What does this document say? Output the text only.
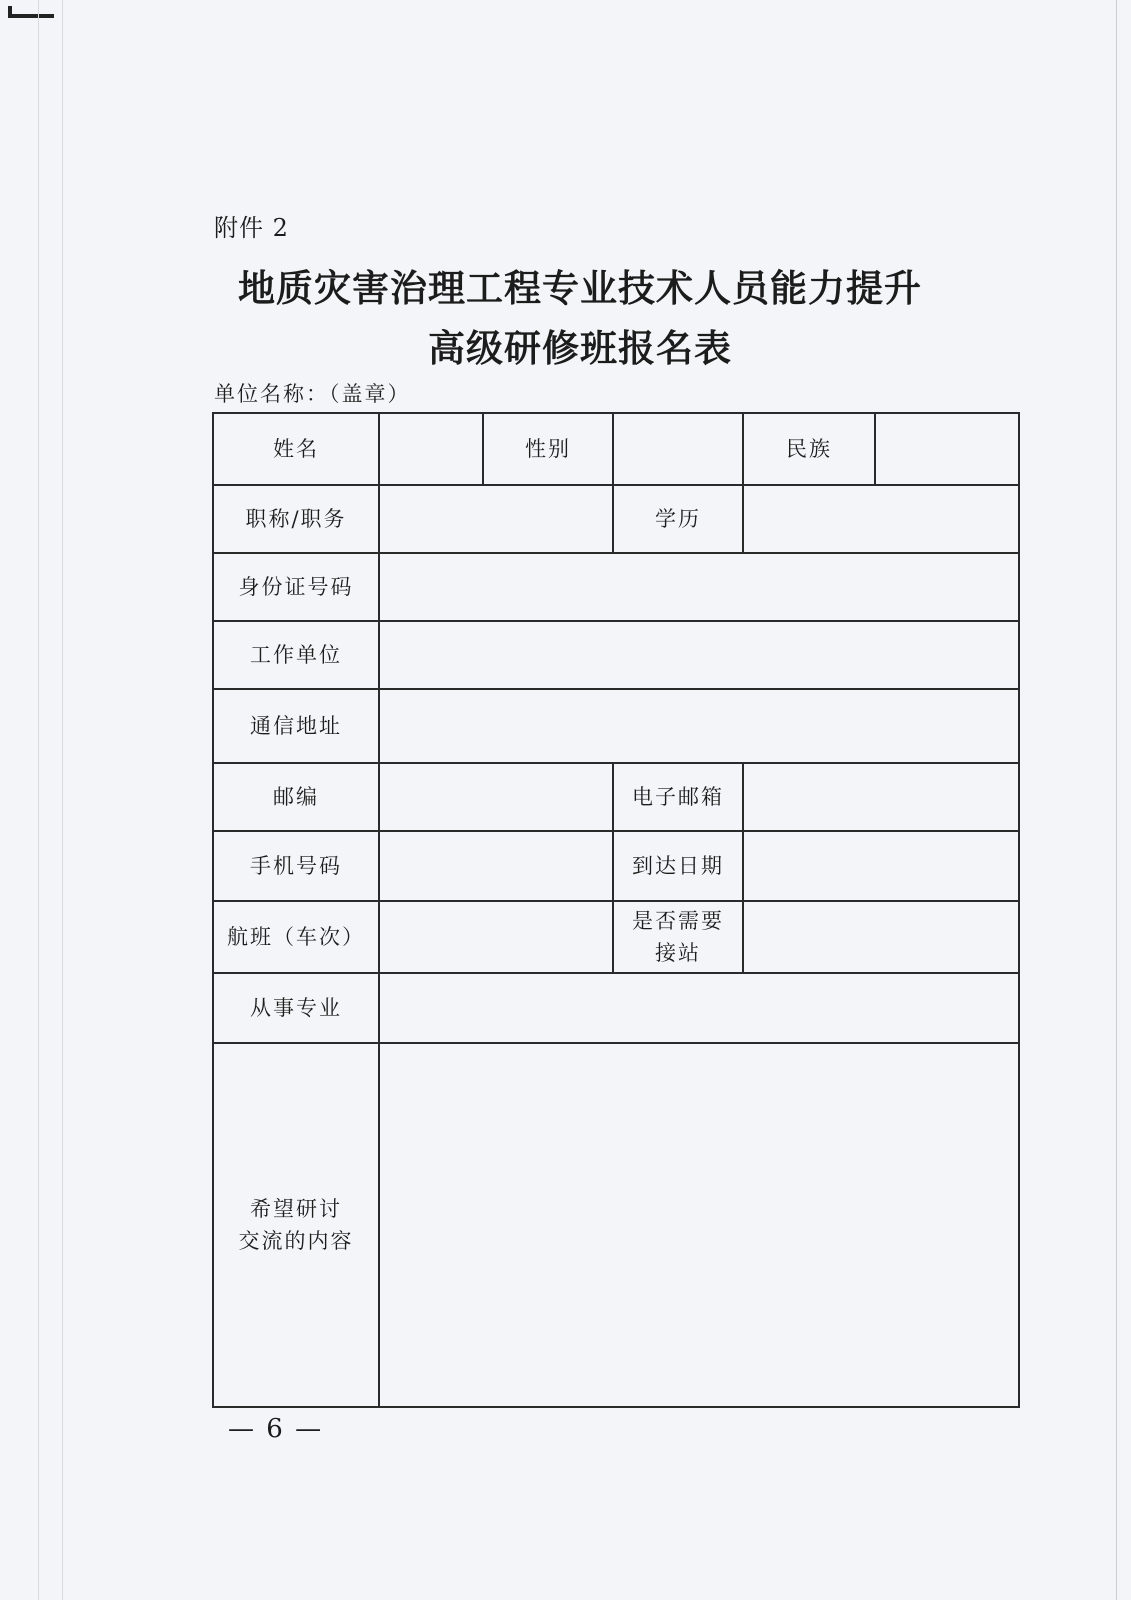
附件 2
地质灾害治理工程专业技术人员能力提升
高级研修班报名表
单位名称：（盖章）
姓名		性别		民族	
职称/职务			学历		
身份证号码					
工作单位					
通信地址					
邮编			电子邮箱		
手机号码			到达日期		
航班（车次）			是否需要
接站		

从事专业					

希望研讨
交流的内容					

— 6 —
